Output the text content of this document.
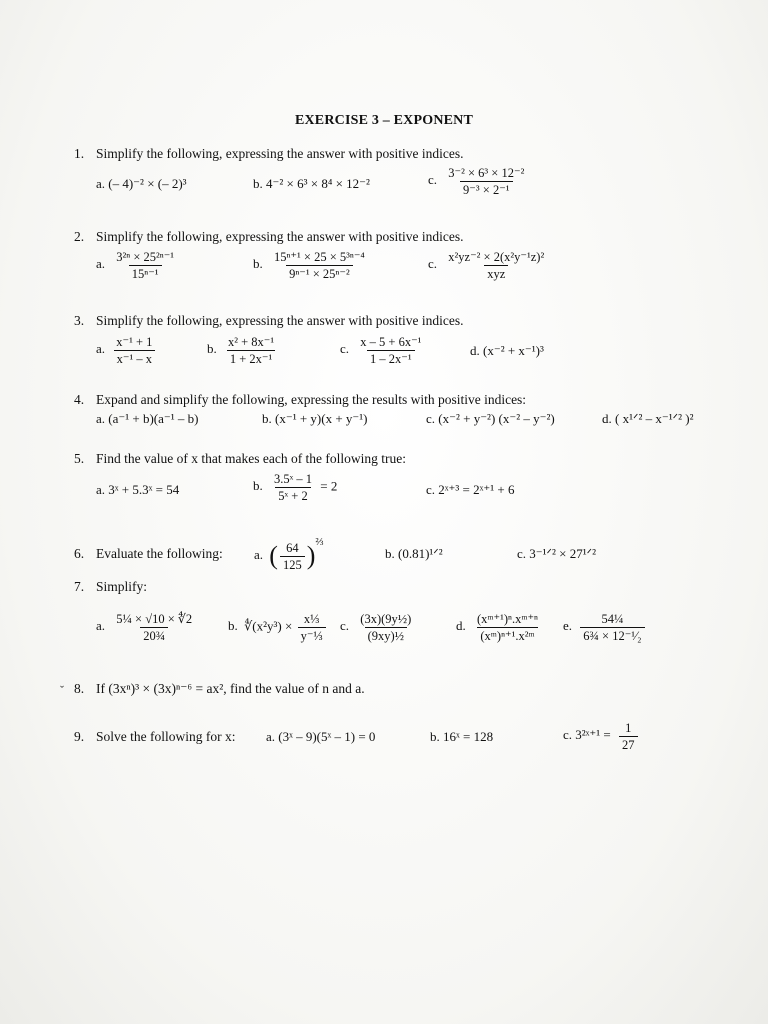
EXERCISE 3 – EXPONENT
1. Simplify the following, expressing the answer with positive indices.
a. (– 4)⁻² × (– 2)³	b. 4⁻² × 6³ × 8⁴ × 12⁻²	c. $\frac{\text{3⁻² × 6³ × 12⁻²}}{\text{9⁻³ × 2⁻¹}}$
2. Simplify the following, expressing the answer with positive indices.
a. $\frac{\text{3²ⁿ × 25²ⁿ⁻¹}}{\text{15ⁿ⁻¹}}$	b. $\frac{\text{15ⁿ⁺¹ × 25 × 5³ⁿ⁻⁴}}{\text{9ⁿ⁻¹ × 25ⁿ⁻²}}$	c. $\frac{\text{x²yz⁻² × 2(x²y⁻¹z)²}}{\text{xyz}}$
3. Simplify the following, expressing the answer with positive indices.
a. $\frac{\text{x⁻¹ + 1}}{\text{x⁻¹ – x}}$	b. $\frac{\text{x² + 8x⁻¹}}{\text{1 + 2x⁻¹}}$	c. $\frac{\text{x – 5 + 6x⁻¹}}{\text{1 – 2x⁻¹}}$	d. (x⁻² + x⁻¹)³
4. Expand and simplify the following, expressing the results with positive indices:
a. (a⁻¹ + b)(a⁻¹ – b)	b. (x⁻¹ + y)(x + y⁻¹)	c. (x⁻² + y⁻²) (x⁻² – y⁻²)	d. ( x¹ᐟ² – x⁻¹ᐟ² )²
5. Find the value of x that makes each of the following true:
a. 3ˣ + 5.3ˣ = 54	b. $\frac{\text{3.5ˣ – 1}}{\text{5ˣ + 2}} = 2$	c. 2ˣ⁺³ = 2ˣ⁺¹ + 6
6. Evaluate the following: a. ( $\frac{64}{125} )^{\frac{2}{3}}$
b. (0.81)¹ᐟ²	c. 3⁻¹ᐟ² × 27¹ᐟ²
7. Simplify:
a. $\frac{\text{5¼ × √10 × ∜2}}{\text{20¾}}$	b. ∜(x²y³) × $\frac{\text{x⅓}}{\text{y⁻⅓}} c$. $\frac{\text{(3x)(9y½)}}{\text{(9xy)½}}$	d. $\frac{\text{(xᵐ⁺¹)ⁿ.xᵐ⁺ⁿ}}{\text{(xᵐ)ⁿ⁺¹.x²ᵐ}} e$. $\frac{\text{54¼}}{\text{6¾ × 12⁻¹⁄₂}}$
ˇ 8. If (3xⁿ)³ × (3x)ⁿ⁻⁶ = ax², find the value of n and a.
9. Solve the following for x: a. (3ˣ – 9)(5ˣ – 1) = 0	b. 16ˣ = 128	c. 3²ˣ⁺¹ = $\frac{1}{27}$
